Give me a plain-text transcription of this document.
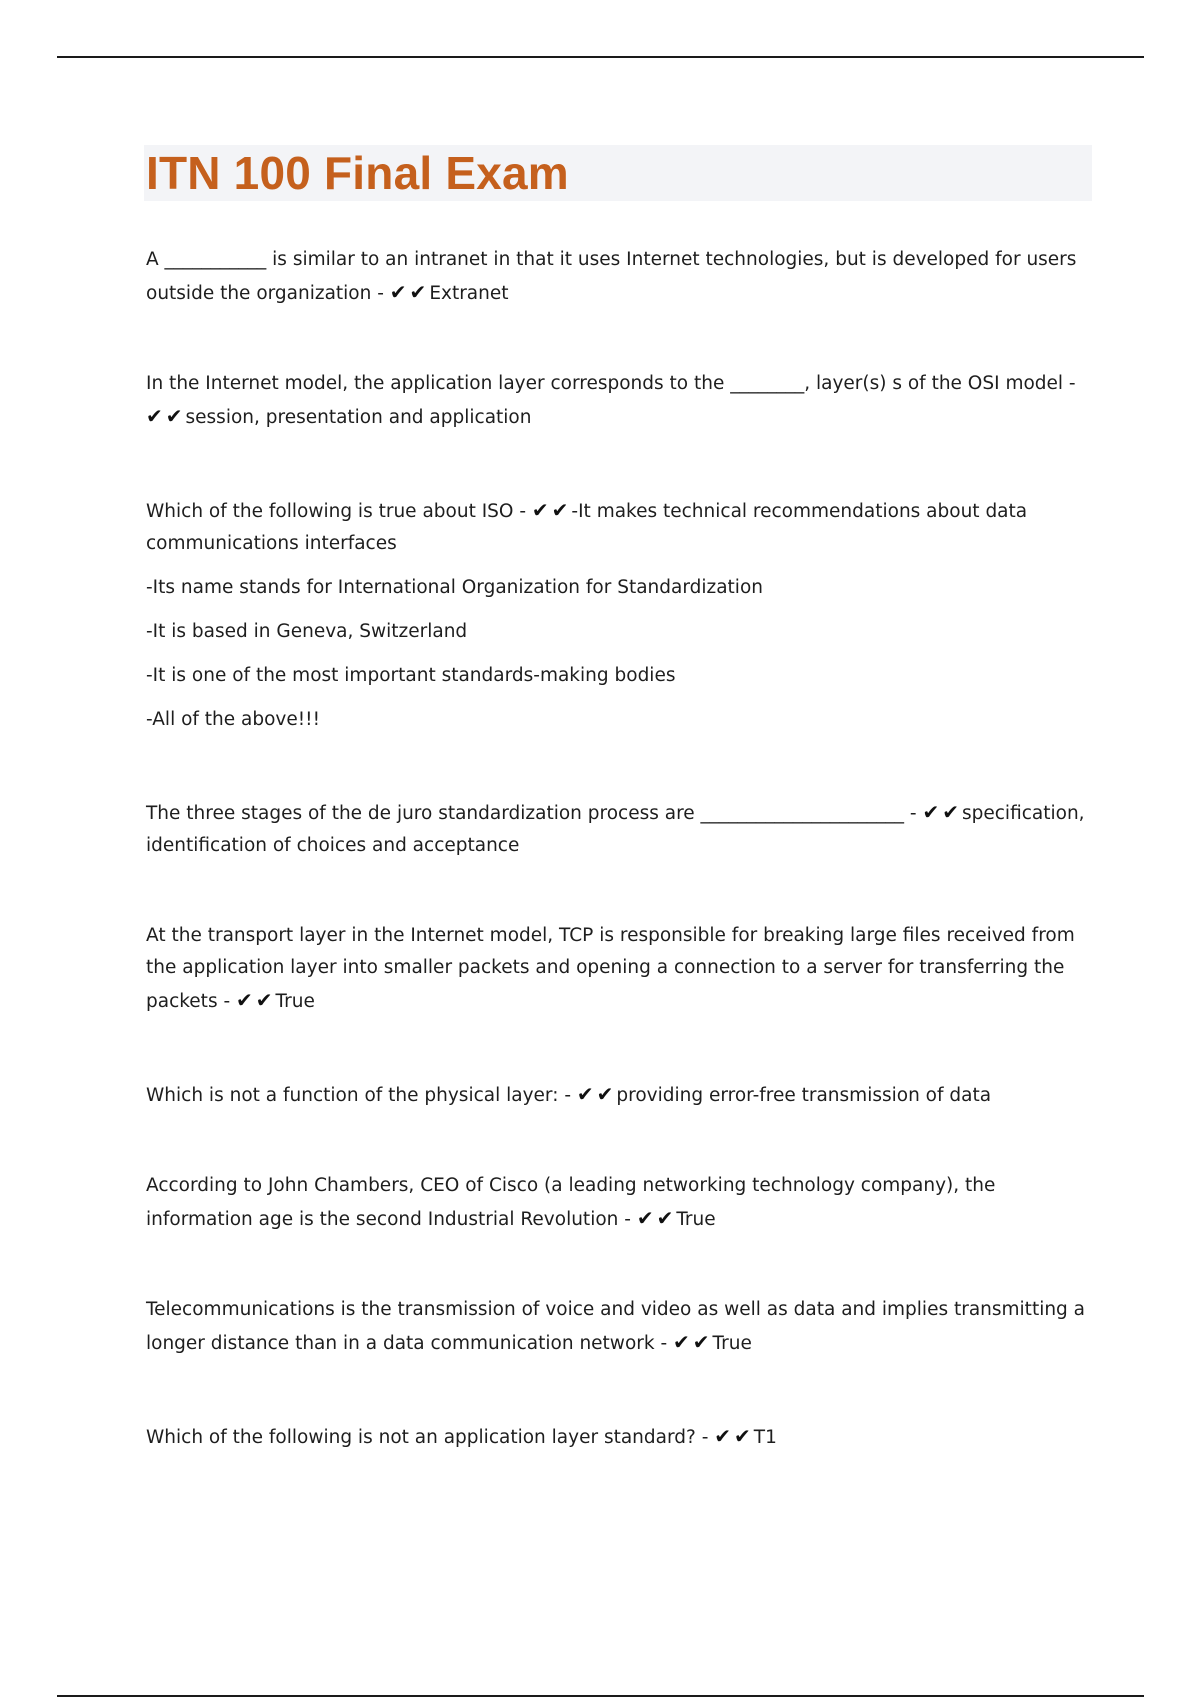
ITN 100 Final Exam

A ___________ is similar to an intranet in that it uses Internet technologies, but is developed for users outside the organization - ✔✔Extranet

In the Internet model, the application layer corresponds to the ________, layer(s) s of the OSI model - ✔✔session, presentation and application

Which of the following is true about ISO - ✔✔-It makes technical recommendations about data communications interfaces

-Its name stands for International Organization for Standardization

-It is based in Geneva, Switzerland

-It is one of the most important standards-making bodies

-All of the above!!!

The three stages of the de juro standardization process are ______________________ - ✔✔specification, identification of choices and acceptance

At the transport layer in the Internet model, TCP is responsible for breaking large files received from the application layer into smaller packets and opening a connection to a server for transferring the packets - ✔✔True

Which is not a function of the physical layer: - ✔✔providing error-free transmission of data

According to John Chambers, CEO of Cisco (a leading networking technology company), the information age is the second Industrial Revolution - ✔✔True

Telecommunications is the transmission of voice and video as well as data and implies transmitting a longer distance than in a data communication network - ✔✔True

Which of the following is not an application layer standard? - ✔✔T1
